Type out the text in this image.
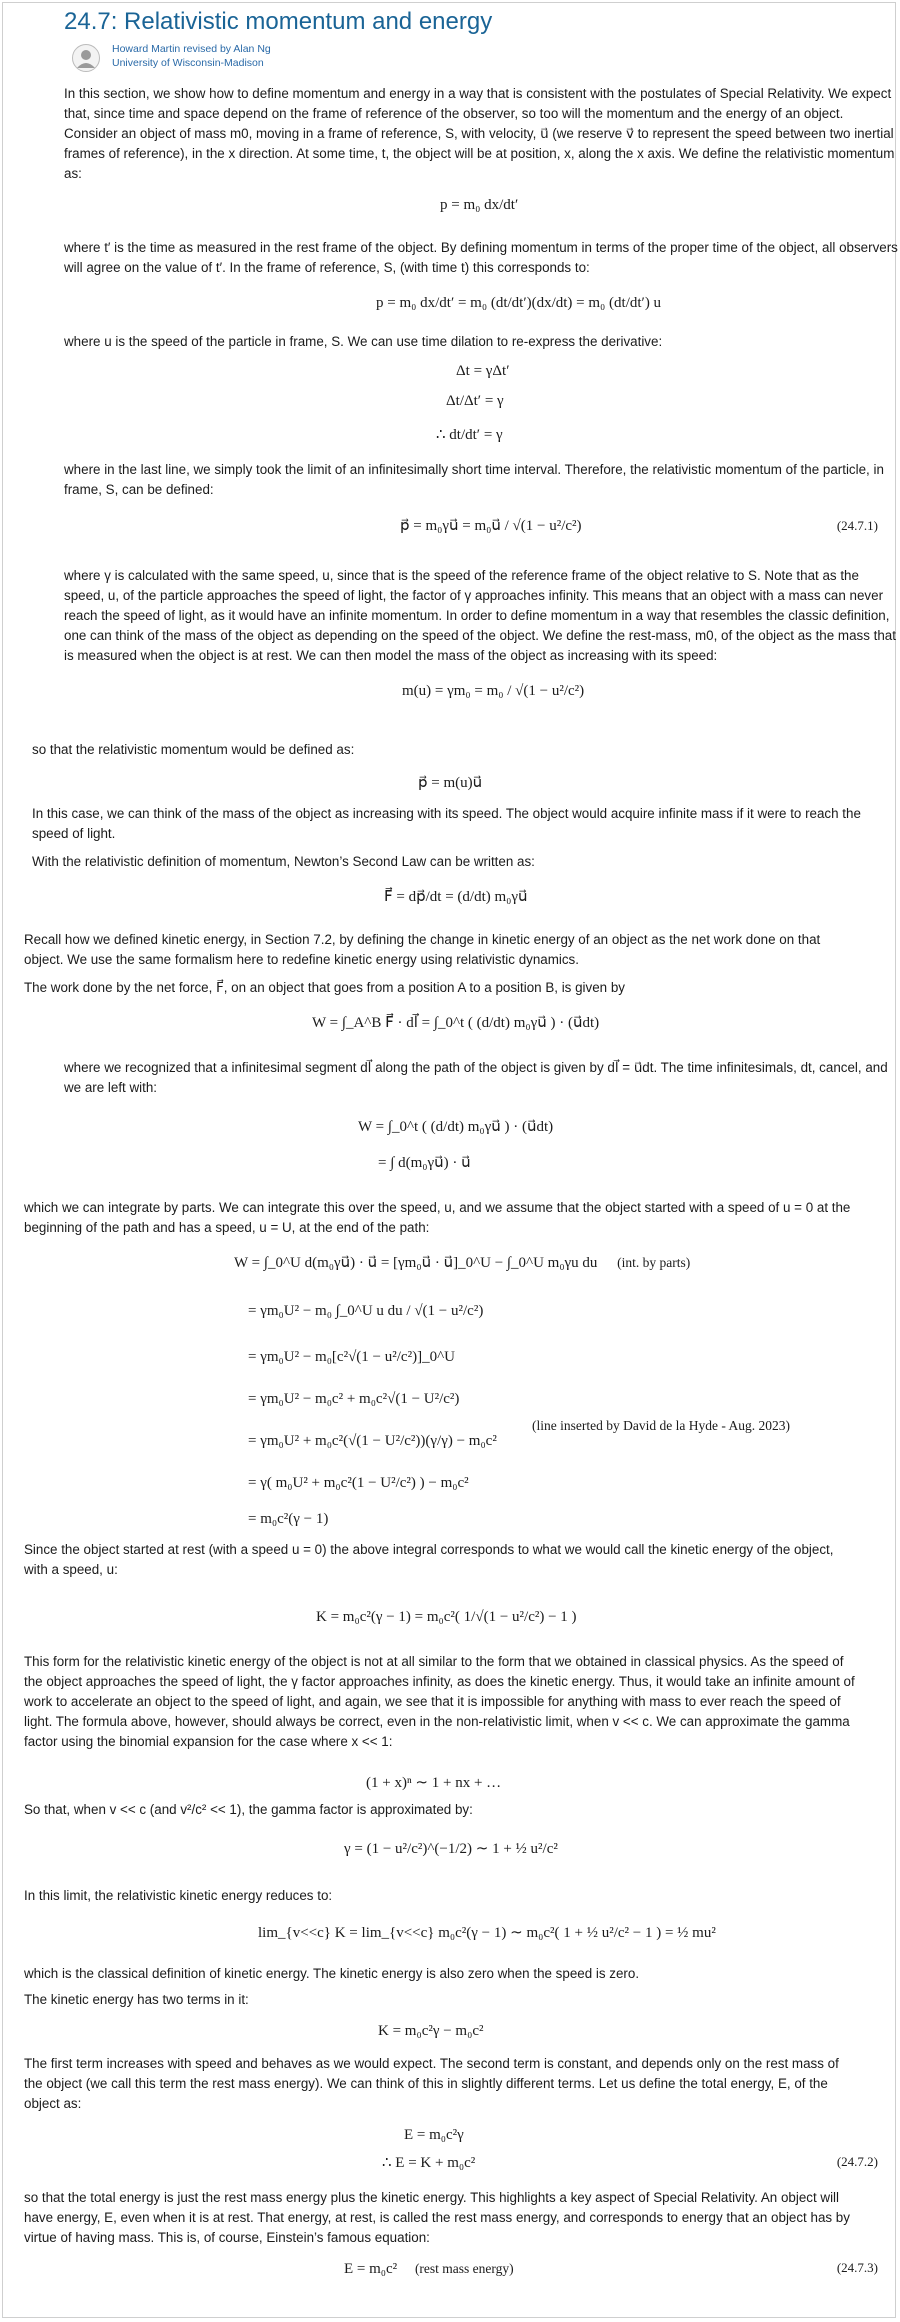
24.7: Relativistic momentum and energy
Howard Martin revised by Alan Ng
University of Wisconsin-Madison

In this section, we show how to define momentum and energy in a way that is consistent with the postulates of Special Relativity. We expect that, since time and space depend on the frame of reference of the observer, so too will the momentum and the energy of an object. Consider an object of mass m0, moving in a frame of reference, S, with velocity, u⃗ (we reserve v⃗ to represent the speed between two inertial frames of reference), in the x direction. At some time, t, the object will be at position, x, along the x axis. We define the relativistic momentum as:

p = m₀ dx/dt′

where t′ is the time as measured in the rest frame of the object. By defining momentum in terms of the proper time of the object, all observers will agree on the value of t′. In the frame of reference, S, (with time t) this corresponds to:

p = m₀ dx/dt′ = m₀ (dt/dt′)(dx/dt) = m₀ (dt/dt′) u

where u is the speed of the particle in frame, S. We can use time dilation to re-express the derivative:

Δt = γΔt′
Δt/Δt′ = γ
∴ dt/dt′ = γ

where in the last line, we simply took the limit of an infinitesimally short time interval. Therefore, the relativistic momentum of the particle, in frame, S, can be defined:

p⃗ = m₀γu⃗ = m₀u⃗ / √(1 − u²/c²)	(24.7.1)

where γ is calculated with the same speed, u, since that is the speed of the reference frame of the object relative to S. Note that as the speed, u, of the particle approaches the speed of light, the factor of γ approaches infinity. This means that an object with a mass can never reach the speed of light, as it would have an infinite momentum. In order to define momentum in a way that resembles the classic definition, one can think of the mass of the object as depending on the speed of the object. We define the rest-mass, m0, of the object as the mass that is measured when the object is at rest. We can then model the mass of the object as increasing with its speed:

m(u) = γm₀ = m₀ / √(1 − u²/c²)

so that the relativistic momentum would be defined as:

p⃗ = m(u)u⃗

In this case, we can think of the mass of the object as increasing with its speed. The object would acquire infinite mass if it were to reach the speed of light.

With the relativistic definition of momentum, Newton’s Second Law can be written as:

F⃗ = dp⃗/dt = (d/dt) m₀γu⃗

Recall how we defined kinetic energy, in Section 7.2, by defining the change in kinetic energy of an object as the net work done on that object. We use the same formalism here to redefine kinetic energy using relativistic dynamics.

The work done by the net force, F⃗, on an object that goes from a position A to a position B, is given by

W = ∫_A^B F⃗ · dl⃗ = ∫_0^t ( (d/dt) m₀γu⃗ ) · (u⃗dt)

where we recognized that a infinitesimal segment dl⃗ along the path of the object is given by dl⃗ = u⃗dt. The time infinitesimals, dt, cancel, and we are left with:

W = ∫_0^t ( (d/dt) m₀γu⃗ ) · (u⃗dt)
= ∫ d(m₀γu⃗) · u⃗

which we can integrate by parts. We can integrate this over the speed, u, and we assume that the object started with a speed of u = 0 at the beginning of the path and has a speed, u = U, at the end of the path:

W = ∫_0^U d(m₀γu⃗) · u⃗ = [γm₀u⃗ · u⃗]_0^U − ∫_0^U m₀γu du (int. by parts)
= γm₀U² − m₀ ∫_0^U u du / √(1 − u²/c²)
= γm₀U² − m₀[c²√(1 − u²/c²)]_0^U
= γm₀U² − m₀c² + m₀c²√(1 − U²/c²)
= γm₀U² + m₀c²(√(1 − U²/c²))(γ/γ) − m₀c²
(line inserted by David de la Hyde - Aug. 2023)
= γ( m₀U² + m₀c²(1 − U²/c²) ) − m₀c²
= m₀c²(γ − 1)

Since the object started at rest (with a speed u = 0) the above integral corresponds to what we would call the kinetic energy of the object, with a speed, u:

K = m₀c²(γ − 1) = m₀c²( 1/√(1 − u²/c²) − 1 )

This form for the relativistic kinetic energy of the object is not at all similar to the form that we obtained in classical physics. As the speed of the object approaches the speed of light, the γ factor approaches infinity, as does the kinetic energy. Thus, it would take an infinite amount of work to accelerate an object to the speed of light, and again, we see that it is impossible for anything with mass to ever reach the speed of light. The formula above, however, should always be correct, even in the non-relativistic limit, when v << c. We can approximate the gamma factor using the binomial expansion for the case where x << 1:

(1 + x)ⁿ ∼ 1 + nx + …

So that, when v << c (and v²/c² << 1), the gamma factor is approximated by:

γ = (1 − u²/c²)^(−1/2) ∼ 1 + ½ u²/c²

In this limit, the relativistic kinetic energy reduces to:

lim_{v<<c} K = lim_{v<<c} m₀c²(γ − 1) ∼ m₀c²( 1 + ½ u²/c² − 1 ) = ½ mu²

which is the classical definition of kinetic energy. The kinetic energy is also zero when the speed is zero.

The kinetic energy has two terms in it:

K = m₀c²γ − m₀c²

The first term increases with speed and behaves as we would expect. The second term is constant, and depends only on the rest mass of the object (we call this term the rest mass energy). We can think of this in slightly different terms. Let us define the total energy, E, of the object as:

E = m₀c²γ
∴ E = K + m₀c²	(24.7.2)

so that the total energy is just the rest mass energy plus the kinetic energy. This highlights a key aspect of Special Relativity. An object will have energy, E, even when it is at rest. That energy, at rest, is called the rest mass energy, and corresponds to energy that an object has by virtue of having mass. This is, of course, Einstein’s famous equation:

E = m₀c² (rest mass energy)	(24.7.3)
